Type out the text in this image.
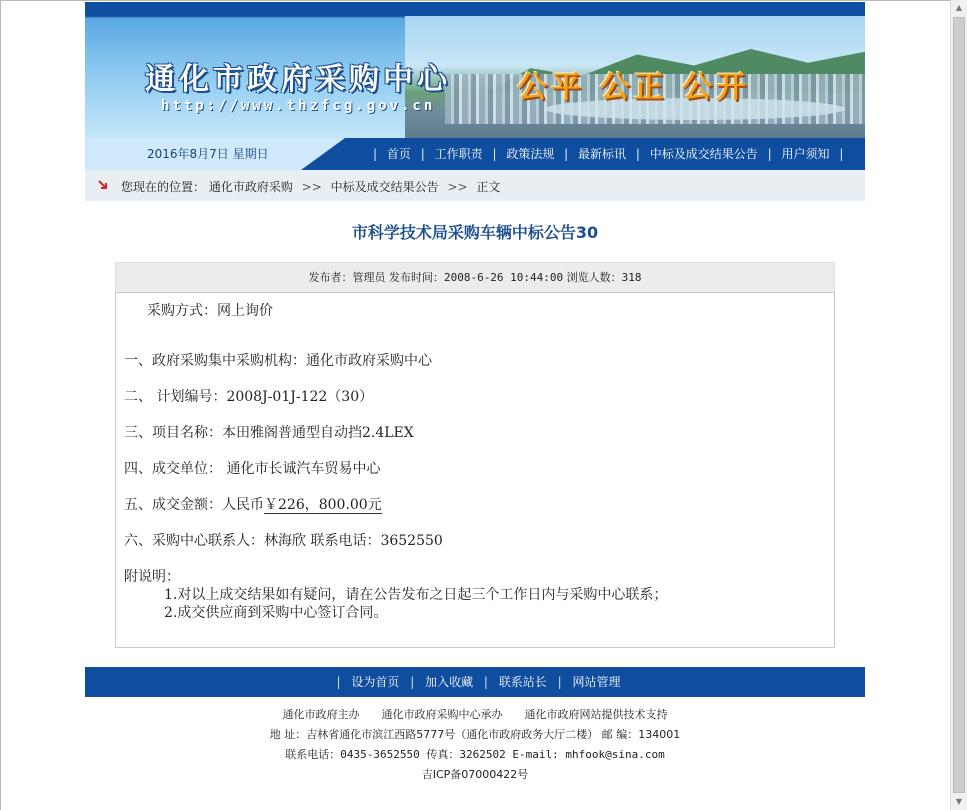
通化市政府采购中心
http://www.thzfcg.gov.cn
公平 公正 公开
2016年8月7日 星期日	| 首页 | 工作职责 | 政策法规 | 最新标讯 | 中标及成交结果公告 | 用户须知 |
您现在的位置： 通化市政府采购 >> 中标及成交结果公告 >> 正文
市科学技术局采购车辆中标公告30
发布者：管理员 发布时间：2008-6-26 10:44:00 浏览人数：318
采购方式：网上询价
一、政府采购集中采购机构：通化市政府采购中心
二、 计划编号：2008J-01J-122（30）
三、项目名称：本田雅阁普通型自动挡2.4LEX
四、成交单位： 通化市长诚汽车贸易中心
五、成交金额：人民币￥226，800.00元
六、采购中心联系人：林海欣 联系电话：3652550
附说明：
1.对以上成交结果如有疑问，请在公告发布之日起三个工作日内与采购中心联系；
2.成交供应商到采购中心签订合同。
| 设为首页 | 加入收藏 | 联系站长 | 网站管理
通化市政府主办 通化市政府采购中心承办 通化市政府网站提供技术支持
地 址：吉林省通化市滨江西路5777号（通化市政府政务大厅二楼） 邮 编：134001
联系电话：0435-3652550 传真：3262502 E-mail: mhfook@sina.com
吉ICP备07000422号
▲
▼
